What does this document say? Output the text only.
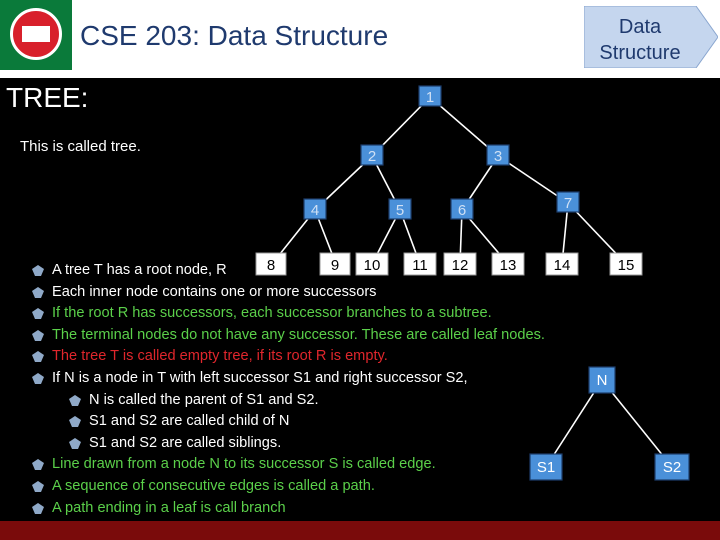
CSE 203: Data Structure	Data
Structure
TREE:
This is called tree.
1
2	3
4	5	6	7
8	9 10 11 12 13 14	15
N
S1	S2
A tree T has a root node, R
Each inner node contains one or more successors
If the root R has successors, each successor branches to a subtree.
The terminal nodes do not have any successor. These are called leaf nodes.
The tree T is called empty tree, if its root R is empty.
If N is a node in T with left successor S1 and right successor S2,
N is called the parent of S1 and S2.
S1 and S2 are called child of N
S1 and S2 are called siblings.
Line drawn from a node N to its successor S is called edge.
A sequence of consecutive edges is called a path.
A path ending in a leaf is call branch
